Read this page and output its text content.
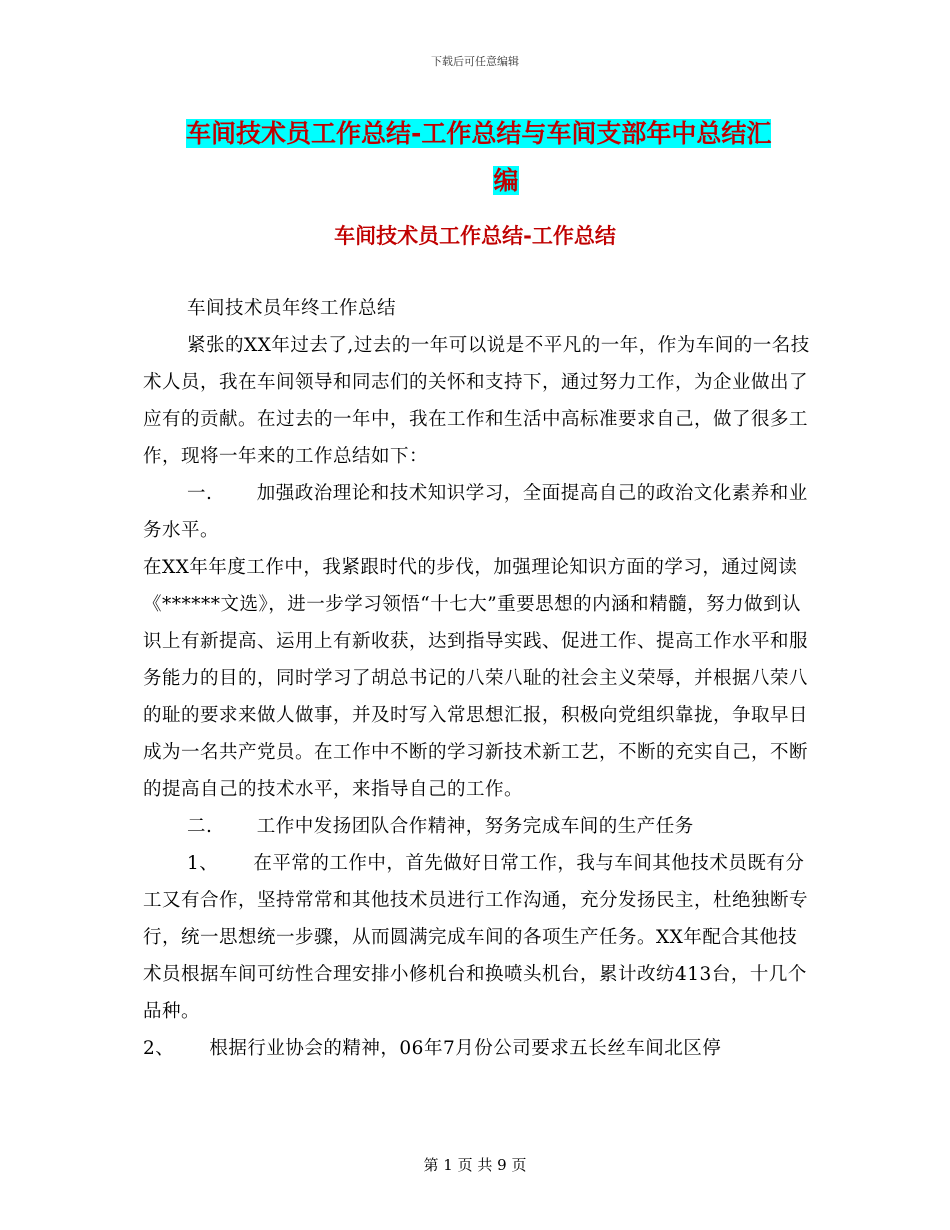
下载后可任意编辑
车间技术员工作总结-工作总结与车间支部年中总结汇
编
车间技术员工作总结-工作总结

车间技术员年终工作总结

紧张的XX年过去了,过去的一年可以说是不平凡的一年，作为车间的一名技术人员，我在车间领导和同志们的关怀和支持下，通过努力工作，为企业做出了应有的贡献。在过去的一年中，我在工作和生活中高标准要求自己，做了很多工作，现将一年来的工作总结如下：

一.　　 加强政治理论和技术知识学习，全面提高自己的政治文化素养和业务水平。

在XX年年度工作中，我紧跟时代的步伐，加强理论知识方面的学习，通过阅读《******文选》，进一步学习领悟“十七大”重要思想的内涵和精髓，努力做到认识上有新提高、运用上有新收获，达到指导实践、促进工作、提高工作水平和服务能力的目的，同时学习了胡总书记的八荣八耻的社会主义荣辱，并根据八荣八的耻的要求来做人做事，并及时写入常思想汇报，积极向党组织靠拢，争取早日成为一名共产党员。在工作中不断的学习新技术新工艺，不断的充实自己，不断的提高自己的技术水平，来指导自己的工作。

二.　　 工作中发扬团队合作精神，努务完成车间的生产任务

1、　　 在平常的工作中，首先做好日常工作，我与车间其他技术员既有分工又有合作，坚持常常和其他技术员进行工作沟通，充分发扬民主，杜绝独断专行，统一思想统一步骤，从而圆满完成车间的各项生产任务。XX年配合其他技术员根据车间可纺性合理安排小修机台和换喷头机台，累计改纺413台，十几个品种。

2、　　 根据行业协会的精神，06年7月份公司要求五长丝车间北区停

第 1 页 共 9 页
